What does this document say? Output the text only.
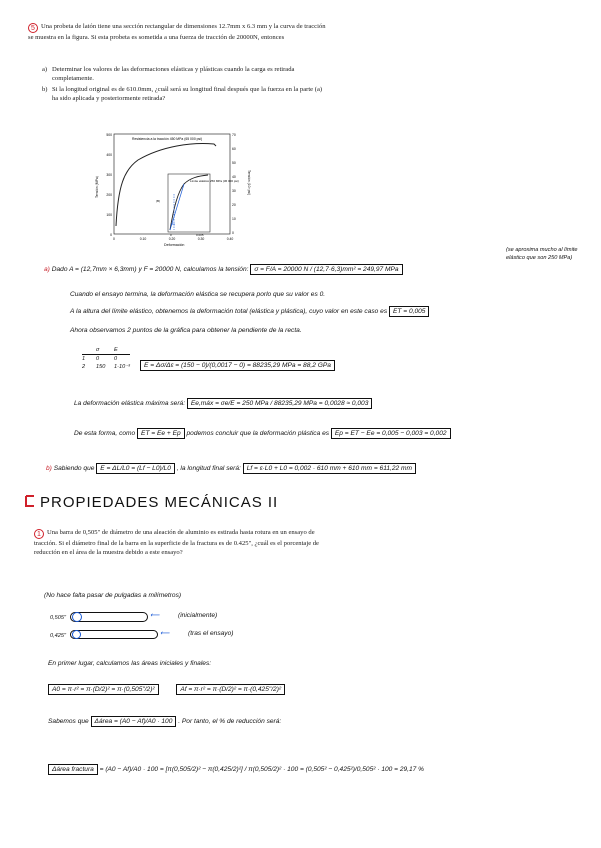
5 Una probeta de latón tiene una sección rectangular de dimensiones 12.7mm x 6.3 mm y la curva de tracción se muestra en la figura. Si esta probeta es sometida a una fuerza de tracción de 20000N, entonces
a) Determinar los valores de las deformaciones elásticas y plásticas cuando la carga es retirada completamente.
b) Si la longitud original es de 610.0mm, ¿cuál será su longitud final después que la fuerza en la parte (a) ha sido aplicada y posteriormente retirada?
Resistencia a la tracción 450 MPa (65 000 psi)
Tensión (MPa)	Tensión (10³ psi)
Deformación
500
400
300
200
100
0
70
60
50
40
30
20
10
0
0	0.10	0.20	0.30	0.40
Límite elástico 250 MPa (36 000 psi)
0	0.005
(A)
(B)
a) Dado A = (12,7mm × 6,3mm) y F = 20000 N, calculamos la tensión: σ = F/A = 20000 N / (12,7·6,3)mm² = 249,97 MPa
(se aproxima mucho al límite elástico que son 250 MPa)
Cuando el ensayo termina, la deformación elástica se recupera porlo que su valor es 0.
A la altura del límite elástico, obtenemos la deformación total (elástica y plástica), cuyo valor en este caso es ET = 0,005
Ahora observamos 2 puntos de la gráfica para obtener la pendiente de la recta.
σ	E
1 0	0
2 150 1·10⁻³	E = Δσ/Δε = (150 − 0)/(0,0017 − 0) = 88235,29 MPa = 88,2 GPa
La deformación elástica máxima será: Ee,máx = σe/E = 250 MPa / 88235,29 MPa = 0,0028 ≈ 0,003
De esta forma, como ET = Ee + Ep podemos concluir que la deformación plástica es Ep = ET − Ee = 0,005 − 0,003 = 0,002
b) Sabiendo que E = ΔL/L0 = (Lf − L0)/L0 , la longitud final será: Lf = ε·L0 + L0 = 0,002 · 610 mm + 610 mm = 611,22 mm
PROPIEDADES MECÁNICAS II
1 Una barra de 0,505" de diámetro de una aleación de aluminio es estirada hasta rotura en un ensayo de tracción. Si el diámetro final de la barra en la superficie de la fractura es de 0.425", ¿cuál es el porcentaje de reducción en el área de la muestra debido a este ensayo?
(No hace falta pasar de pulgadas a milímetros)
0,505"	⟵	(inicialmente)
0,425"	⟵	(tras el ensayo)
En primer lugar, calculamos las áreas iniciales y finales:
A0 = π·r² = π·(D/2)² = π·(0,505"/2)²	Af = π·r² = π·(D/2)² = π·(0,425"/2)²
Sabemos que Δárea = (A0 − Af)/A0 · 100 . Por tanto, el % de reducción será:
Δárea fractura = (A0 − Af)/A0 · 100 = [π(0,505/2)² − π(0,425/2)²] / π(0,505/2)² · 100 = (0,505² − 0,425²)/0,505² · 100 = 29,17 %
